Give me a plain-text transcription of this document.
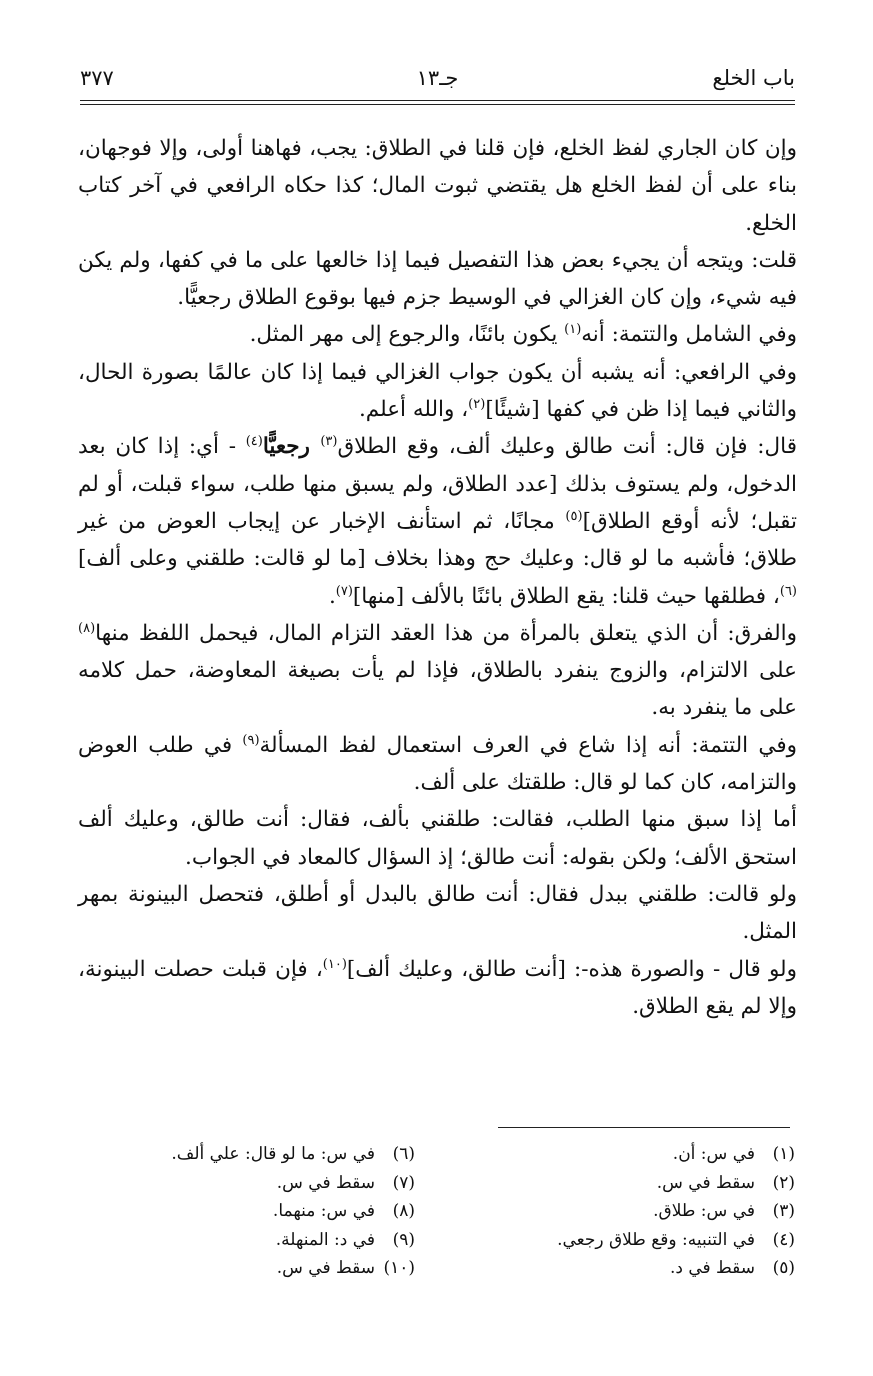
باب الخلع
جـ١٣
٣٧٧

وإن كان الجاري لفظ الخلع، فإن قلنا في الطلاق: يجب، فهاهنا أولى، وإلا فوجهان، بناء على أن لفظ الخلع هل يقتضي ثبوت المال؛ كذا حكاه الرافعي في آخر كتاب الخلع.

قلت: ويتجه أن يجيء بعض هذا التفصيل فيما إذا خالعها على ما في كفها، ولم يكن فيه شيء، وإن كان الغزالي في الوسيط جزم فيها بوقوع الطلاق رجعيًّا.

وفي الشامل والتتمة: أنه$^{(١)}$ يكون بائنًا، والرجوع إلى مهر المثل.

وفي الرافعي: أنه يشبه أن يكون جواب الغزالي فيما إذا كان عالمًا بصورة الحال، والثاني فيما إذا ظن في كفها [شيئًا]$^{(٢)}$، والله أعلم.

قال: فإن قال: أنت طالق وعليك ألف، وقع الطلاق$^{(٣)}$ رجعيًّا$^{(٤)}$ - أي: إذا كان بعد الدخول، ولم يستوف بذلك [عدد الطلاق، ولم يسبق منها طلب، سواء قبلت، أو لم تقبل؛ لأنه أوقع الطلاق]$^{(٥)}$ مجانًا، ثم استأنف الإخبار عن إيجاب العوض من غير طلاق؛ فأشبه ما لو قال: وعليك حج وهذا بخلاف [ما لو قالت: طلقني وعلى ألف]$^{(٦)}$، فطلقها حيث قلنا: يقع الطلاق بائنًا بالألف [منها]$^{(٧)}$.

والفرق: أن الذي يتعلق بالمرأة من هذا العقد التزام المال، فيحمل اللفظ منها$^{(٨)}$ على الالتزام، والزوج ينفرد بالطلاق، فإذا لم يأت بصيغة المعاوضة، حمل كلامه على ما ينفرد به.

وفي التتمة: أنه إذا شاع في العرف استعمال لفظ المسألة$^{(٩)}$ في طلب العوض والتزامه، كان كما لو قال: طلقتك على ألف.

أما إذا سبق منها الطلب، فقالت: طلقني بألف، فقال: أنت طالق، وعليك ألف استحق الألف؛ ولكن بقوله: أنت طالق؛ إذ السؤال كالمعاد في الجواب.

ولو قالت: طلقني ببدل فقال: أنت طالق بالبدل أو أطلق، فتحصل البينونة بمهر المثل.

ولو قال - والصورة هذه-: [أنت طالق، وعليك ألف]$^{(١٠)}$، فإن قبلت حصلت البينونة، وإلا لم يقع الطلاق.

(١)في س: أن.
(٢)سقط في س.
(٣)في س: طلاق.
(٤)في التنبيه: وقع طلاق رجعي.
(٥)سقط في د.
(٦)في س: ما لو قال: علي ألف.
(٧)سقط في س.
(٨)في س: منهما.
(٩)في د: المنهلة.
(١٠)سقط في س.
